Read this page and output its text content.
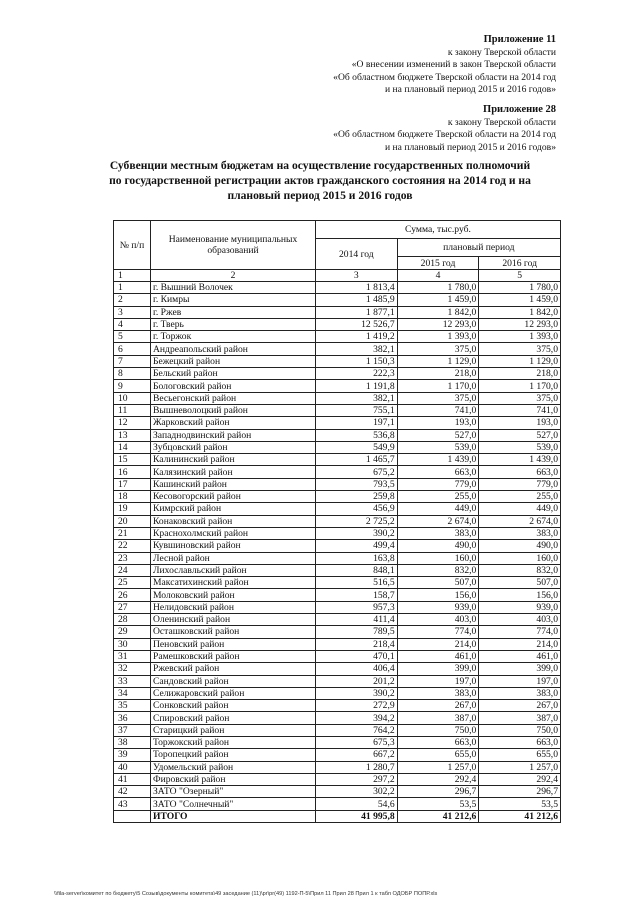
Приложение 11
к закону Тверской области
«О внесении изменений в закон Тверской области
«Об областном бюджете Тверской области на 2014 год
и на плановый период 2015 и 2016 годов»
Приложение 28
к закону Тверской области
«Об областном бюджете Тверской области на 2014 год
и на плановый период 2015 и 2016 годов»
Субвенции местным бюджетам на осуществление государственных полномочий
по государственной регистрации актов гражданского состояния на 2014 год и на
плановый период 2015 и 2016 годов
№ п/п	Наименование муниципальных образований	Сумма, тыс.руб.		
		2014 год	плановый период	
			2015 год	2016 год
1	2	3	4	5
1	г. Вышний Волочек	1 813,4	1 780,0	1 780,0
2	г. Кимры	1 485,9	1 459,0	1 459,0
3	г. Ржев	1 877,1	1 842,0	1 842,0
4	г. Тверь	12 526,7	12 293,0	12 293,0
5	г. Торжок	1 419,2	1 393,0	1 393,0
6	Андреапольский район	382,1	375,0	375,0
7	Бежецкий район	1 150,3	1 129,0	1 129,0
8	Бельский район	222,3	218,0	218,0
9	Бологовский район	1 191,8	1 170,0	1 170,0
10	Весьегонский район	382,1	375,0	375,0
11	Вышневолоцкий район	755,1	741,0	741,0
12	Жарковский район	197,1	193,0	193,0
13	Западнодвинский район	536,8	527,0	527,0
14	Зубцовский район	549,9	539,0	539,0
15	Калининский район	1 465,7	1 439,0	1 439,0
16	Калязинский район	675,2	663,0	663,0
17	Кашинский район	793,5	779,0	779,0
18	Кесовогорский район	259,8	255,0	255,0
19	Кимрский район	456,9	449,0	449,0
20	Конаковский район	2 725,2	2 674,0	2 674,0
21	Краснохолмский район	390,2	383,0	383,0
22	Кувшиновский район	499,4	490,0	490,0
23	Лесной район	163,8	160,0	160,0
24	Лихославльский район	848,1	832,0	832,0
25	Максатихинский район	516,5	507,0	507,0
26	Молоковский район	158,7	156,0	156,0
27	Нелидовский район	957,3	939,0	939,0
28	Оленинский район	411,4	403,0	403,0
29	Осташковский район	789,5	774,0	774,0
30	Пеновский район	218,4	214,0	214,0
31	Рамешковский район	470,1	461,0	461,0
32	Ржевский район	406,4	399,0	399,0
33	Сандовский район	201,2	197,0	197,0
34	Селижаровский район	390,2	383,0	383,0
35	Сонковский район	272,9	267,0	267,0
36	Спировский район	394,2	387,0	387,0
37	Старицкий район	764,2	750,0	750,0
38	Торжокский район	675,3	663,0	663,0
39	Торопецкий район	667,2	655,0	655,0
40	Удомельский район	1 280,7	1 257,0	1 257,0
41	Фировский район	297,2	292,4	292,4
42	ЗАТО "Озерный"	302,2	296,7	296,7
43	ЗАТО "Солнечный"	54,6	53,5	53,5
	ИТОГО	41 995,8	41 212,6	41 212,6
\\fila-server\комитет по бюджету\5 Созыв\документы комитета\49 заседание (11)\pr\pr(49) 1192-П-5\Прил 11 Прил 28 Прил 1 к табл ОДОБР ПОПР.xls
